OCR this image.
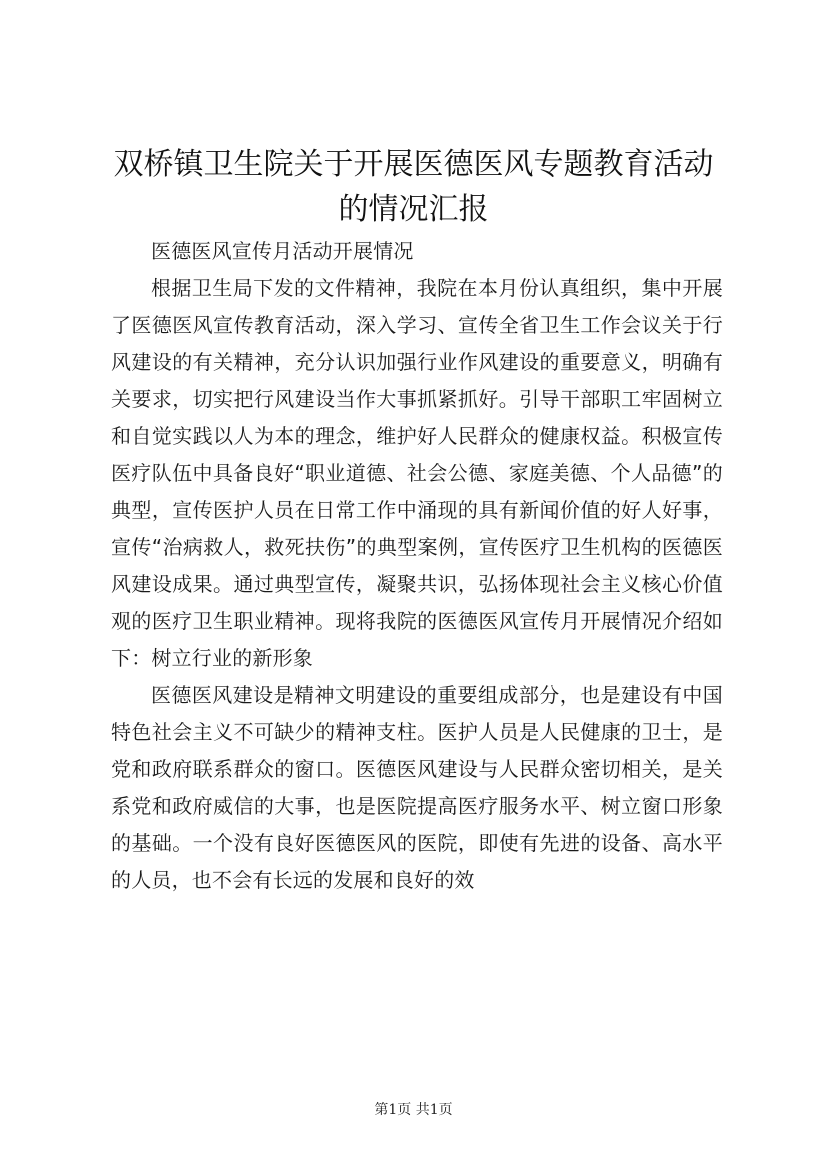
双桥镇卫生院关于开展医德医风专题教育活动
的情况汇报

医德医风宣传月活动开展情况

根据卫生局下发的文件精神，我院在本月份认真组织，集中开展了医德医风宣传教育活动，深入学习、宣传全省卫生工作会议关于行风建设的有关精神，充分认识加强行业作风建设的重要意义，明确有关要求，切实把行风建设当作大事抓紧抓好。引导干部职工牢固树立和自觉实践以人为本的理念，维护好人民群众的健康权益。积极宣传医疗队伍中具备良好“职业道德、社会公德、家庭美德、个人品德”的典型，宣传医护人员在日常工作中涌现的具有新闻价值的好人好事，宣传“治病救人，救死扶伤”的典型案例，宣传医疗卫生机构的医德医风建设成果。通过典型宣传，凝聚共识，弘扬体现社会主义核心价值观的医疗卫生职业精神。现将我院的医德医风宣传月开展情况介绍如下：树立行业的新形象

医德医风建设是精神文明建设的重要组成部分，也是建设有中国特色社会主义不可缺少的精神支柱。医护人员是人民健康的卫士，是党和政府联系群众的窗口。医德医风建设与人民群众密切相关，是关系党和政府威信的大事，也是医院提高医疗服务水平、树立窗口形象的基础。一个没有良好医德医风的医院，即使有先进的设备、高水平的人员，也不会有长远的发展和良好的效

第1页 共1页
